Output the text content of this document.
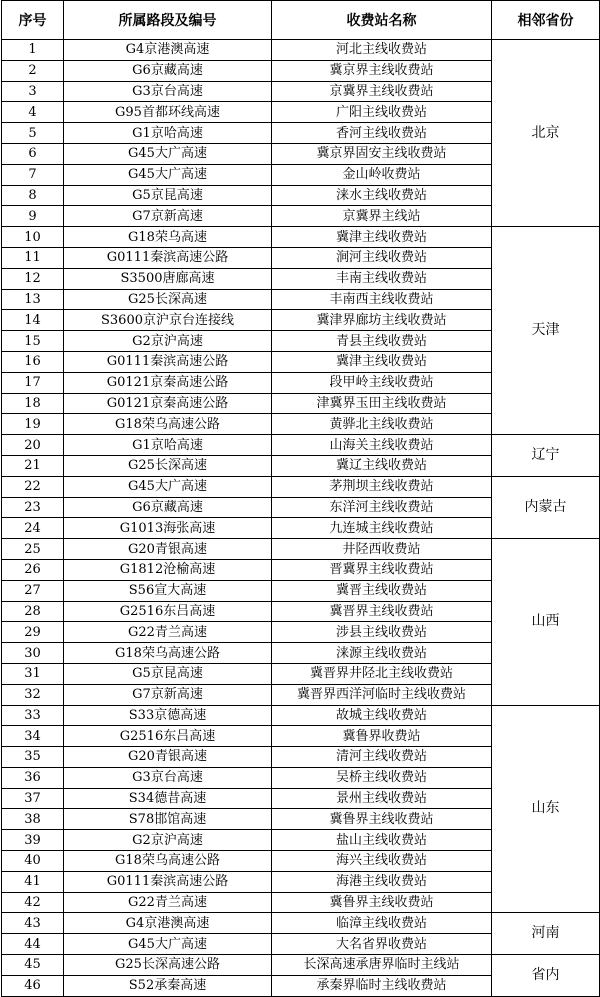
序号	所属路段及编号	收费站名称	相邻省份
1	G4京港澳高速	河北主线收费站	北京
2	G6京藏高速	冀京界主线收费站	
3	G3京台高速	京冀界主线收费站	
4	G95首都环线高速	广阳主线收费站	
5	G1京哈高速	香河主线收费站	
6	G45大广高速	冀京界固安主线收费站	
7	G45大广高速	金山岭收费站	
8	G5京昆高速	涞水主线收费站	
9	G7京新高速	京冀界主线站	
10	G18荣乌高速	冀津主线收费站	天津
11	G0111秦滨高速公路	涧河主线收费站	
12	S3500唐廊高速	丰南主线收费站	
13	G25长深高速	丰南西主线收费站	
14	S3600京沪京台连接线	冀津界廊坊主线收费站	
15	G2京沪高速	青县主线收费站	
16	G0111秦滨高速公路	冀津主线收费站	
17	G0121京秦高速公路	段甲岭主线收费站	
18	G0121京秦高速公路	津冀界玉田主线收费站	
19	G18荣乌高速公路	黄骅北主线收费站	
20	G1京哈高速	山海关主线收费站	辽宁
21	G25长深高速	冀辽主线收费站	
22	G45大广高速	茅荆坝主线收费站	内蒙古
23	G6京藏高速	东洋河主线收费站	
24	G1013海张高速	九连城主线收费站	
25	G20青银高速	井陉西收费站	山西
26	G1812沧榆高速	晋冀界主线收费站	
27	S56宣大高速	冀晋主线收费站	
28	G2516东吕高速	冀晋界主线收费站	
29	G22青兰高速	涉县主线收费站	
30	G18荣乌高速公路	涞源主线收费站	
31	G5京昆高速	冀晋界井陉北主线收费站	
32	G7京新高速	冀晋界西洋河临时主线收费站	
33	S33京德高速	故城主线收费站	山东
34	G2516东吕高速	冀鲁界收费站	
35	G20青银高速	清河主线收费站	
36	G3京台高速	吴桥主线收费站	
37	S34德昔高速	景州主线收费站	
38	S78邯馆高速	冀鲁界主线收费站	
39	G2京沪高速	盐山主线收费站	
40	G18荣乌高速公路	海兴主线收费站	
41	G0111秦滨高速公路	海港主线收费站	
42	G22青兰高速	冀鲁界主线收费站	
43	G4京港澳高速	临漳主线收费站	河南
44	G45大广高速	大名省界收费站	
45	G25长深高速公路	长深高速承唐界临时主线站	省内
46	S52承秦高速	承秦界临时主线收费站	
